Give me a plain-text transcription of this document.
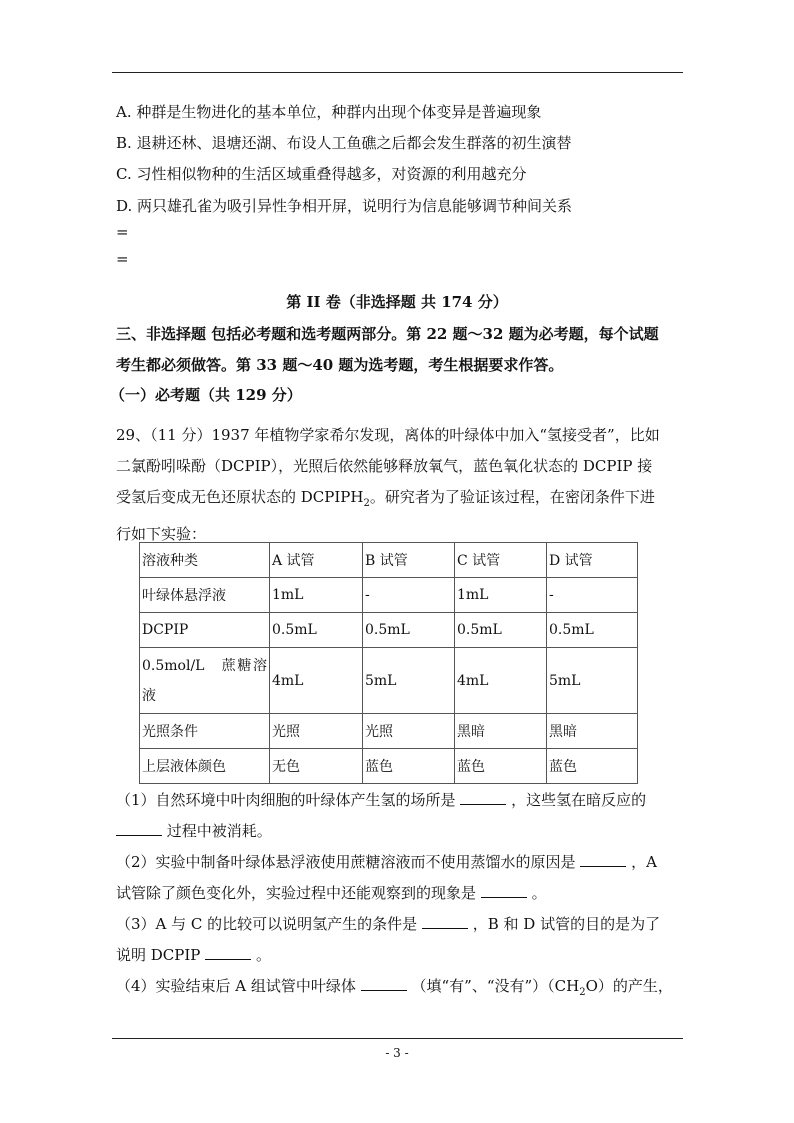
A. 种群是生物进化的基本单位，种群内出现个体变异是普遍现象
B. 退耕还林、退塘还湖、布设人工鱼礁之后都会发生群落的初生演替
C. 习性相似物种的生活区域重叠得越多，对资源的利用越充分
D. 两只雄孔雀为吸引异性争相开屏，说明行为信息能够调节种间关系
=
=
第 II 卷（非选择题 共 174 分）
三、非选择题 包括必考题和选考题两部分。第 22 题～32 题为必考题，每个试题
考生都必须做答。第 33 题～40 题为选考题，考生根据要求作答。
（一）必考题（共 129 分）

29、（11 分）1937 年植物学家希尔发现，离体的叶绿体中加入“氢接受者”，比如

二氯酚吲哚酚（DCPIP），光照后依然能够释放氧气，蓝色氧化状态的 DCPIP 接

受氢后变成无色还原状态的 $DCPIPH_2$。研究者为了验证该过程，在密闭条件下进

行如下实验：

溶液种类	A 试管	B 试管	C 试管	D 试管
叶绿体悬浮液	1mL	-	1mL	-
DCPIP	0.5mL	0.5mL	0.5mL	0.5mL
0.5mol/L　蔗糖溶液	4mL	5mL	4mL	5mL
光照条件	光照	光照	黑暗	黑暗
上层液体颜色	无色	蓝色	蓝色	蓝色

（1）自然环境中叶肉细胞的叶绿体产生氢的场所是	，这些氢在暗反应的

过程中被消耗。

（2）实验中制备叶绿体悬浮液使用蔗糖溶液而不使用蒸馏水的原因是	，A

试管除了颜色变化外，实验过程中还能观察到的现象是	。

（3）A 与 C 的比较可以说明氢产生的条件是	，B 和 D 试管的目的是为了

说明 DCPIP	。

（4）实验结束后 A 组试管中叶绿体	（填“有”、“没有$”)(CH_2O)$的产生，

- 3 -
